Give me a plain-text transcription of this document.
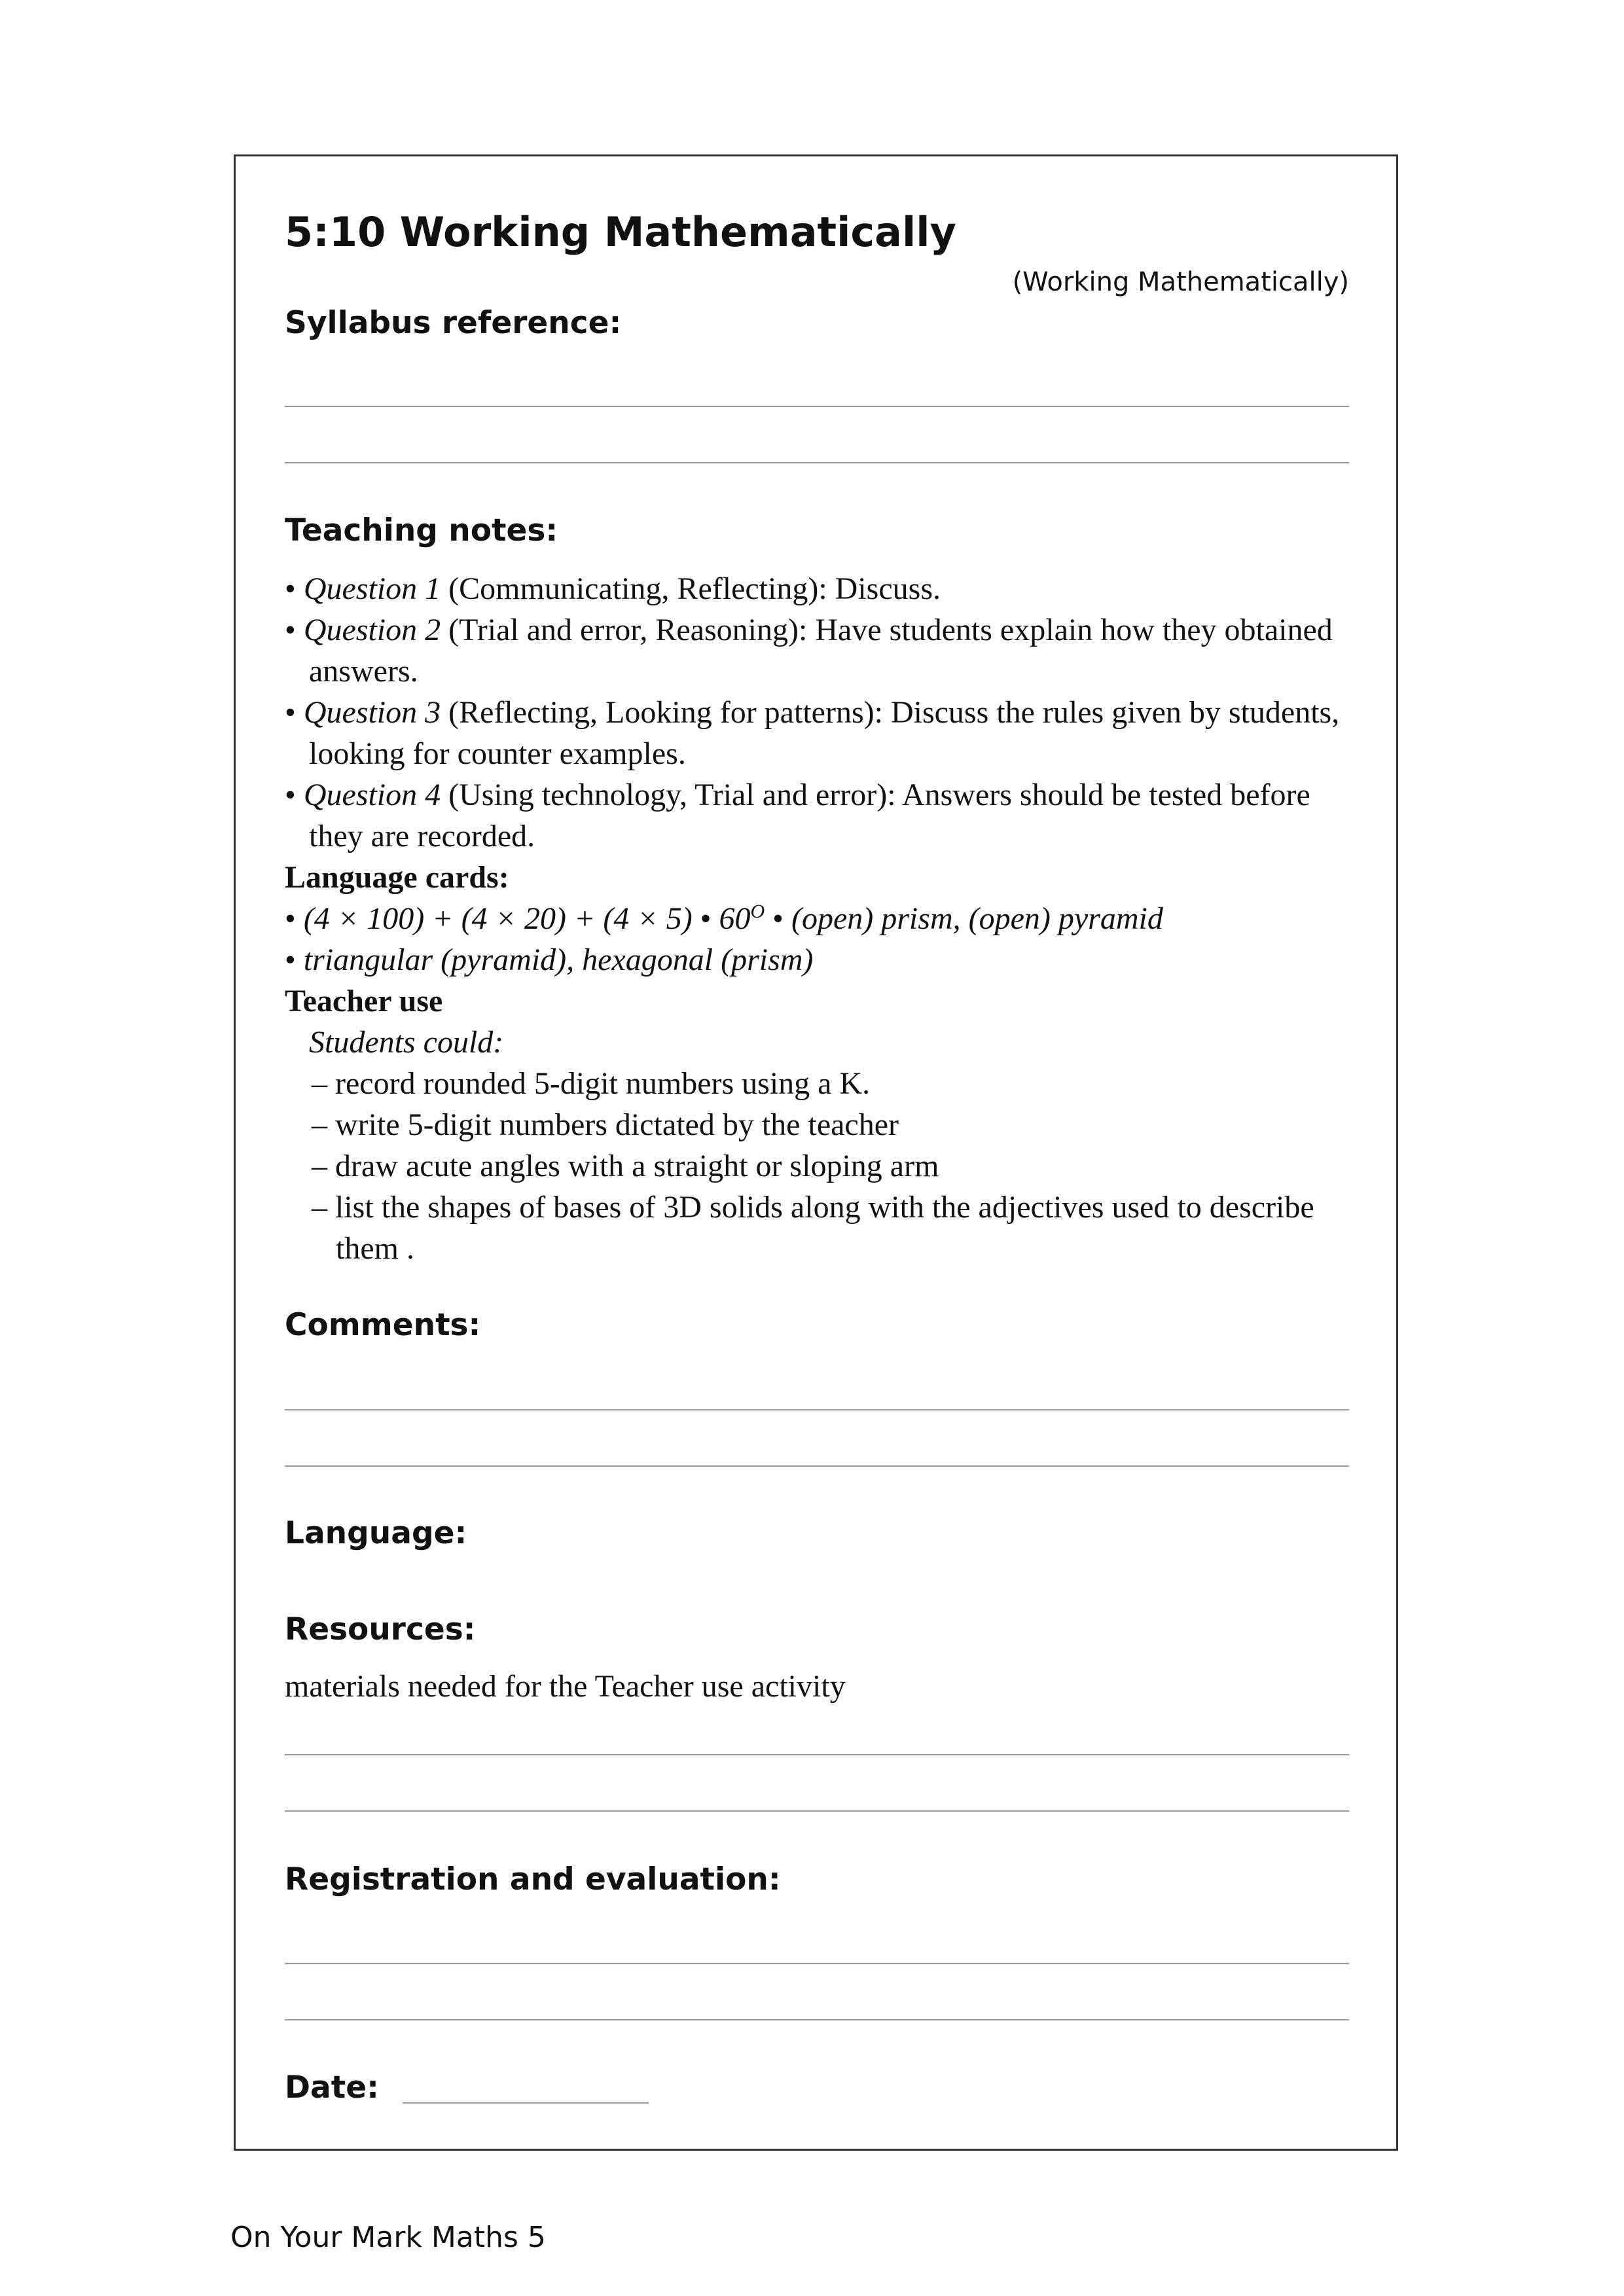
5:10 Working Mathematically
(Working Mathematically)
Syllabus reference:
Teaching notes:

• Question 1 (Communicating, Reflecting): Discuss.

• Question 2 (Trial and error, Reasoning): Have students explain how they obtained answers.

• Question 3 (Reflecting, Looking for patterns): Discuss the rules given by students, looking for counter examples.

• Question 4 (Using technology, Trial and error): Answers should be tested before they are recorded.

Language cards:

• (4 × 100) + (4 × 20) + (4 × 5) • $60^O$ • (open) prism, (open) pyramid

• triangular (pyramid), hexagonal (prism)

Teacher use

Students could:

– record rounded 5-digit numbers using a K.

– write 5-digit numbers dictated by the teacher

– draw acute angles with a straight or sloping arm

– list the shapes of bases of 3D solids along with the adjectives used to describe them .

Comments:
Language:
Resources:
materials needed for the Teacher use activity
Registration and evaluation:
Date:
On Your Mark Maths 5
